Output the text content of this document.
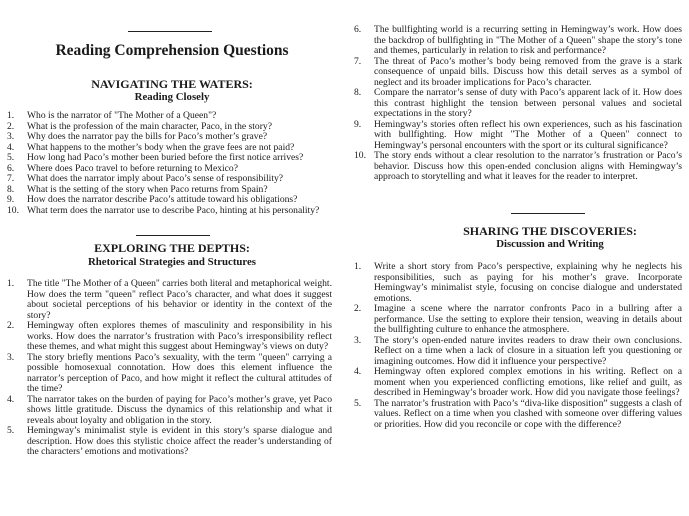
Reading Comprehension Questions
NAVIGATING THE WATERS:
Reading Closely
1.	Who is the narrator of "The Mother of a Queen"?
2.	What is the profession of the main character, Paco, in the story?
3.	Why does the narrator pay the bills for Paco’s mother’s grave?
4.	What happens to the mother’s body when the grave fees are not paid?
5.	How long had Paco’s mother been buried before the first notice arrives?
6.	Where does Paco travel to before returning to Mexico?
7.	What does the narrator imply about Paco’s sense of responsibility?
8.	What is the setting of the story when Paco returns from Spain?
9.	How does the narrator describe Paco’s attitude toward his obligations?
10. What term does the narrator use to describe Paco, hinting at his personality?
EXPLORING THE DEPTHS:
Rhetorical Strategies and Structures
1.	The title "The Mother of a Queen" carries both literal and metaphorical weight. How does the term "queen" reflect Paco’s character, and what does it suggest about societal perceptions of his behavior or identity in the context of the story?
2.	Hemingway often explores themes of masculinity and responsibility in his works. How does the narrator’s frustration with Paco’s irresponsibility reflect these themes, and what might this suggest about Hemingway’s views on duty?
3.	The story briefly mentions Paco’s sexuality, with the term "queen" carrying a possible homosexual connotation. How does this element influence the narrator’s perception of Paco, and how might it reflect the cultural attitudes of the time?
4.	The narrator takes on the burden of paying for Paco’s mother’s grave, yet Paco shows little gratitude. Discuss the dynamics of this relationship and what it reveals about loyalty and obligation in the story.
5.	Hemingway’s minimalist style is evident in this story’s sparse dialogue and description. How does this stylistic choice affect the reader’s understanding of the characters’ emotions and motivations?
6.	The bullfighting world is a recurring setting in Hemingway’s work. How does the backdrop of bullfighting in "The Mother of a Queen" shape the story’s tone and themes, particularly in relation to risk and performance?
7.	The threat of Paco’s mother’s body being removed from the grave is a stark consequence of unpaid bills. Discuss how this detail serves as a symbol of neglect and its broader implications for Paco’s character.
8.	Compare the narrator’s sense of duty with Paco’s apparent lack of it. How does this contrast highlight the tension between personal values and societal expectations in the story?
9.	Hemingway’s stories often reflect his own experiences, such as his fascination with bullfighting. How might "The Mother of a Queen" connect to Hemingway’s personal encounters with the sport or its cultural significance?
10. The story ends without a clear resolution to the narrator’s frustration or Paco’s behavior. Discuss how this open-ended conclusion aligns with Hemingway’s approach to storytelling and what it leaves for the reader to interpret.
SHARING THE DISCOVERIES:
Discussion and Writing
1.	Write a short story from Paco’s perspective, explaining why he neglects his responsibilities, such as paying for his mother’s grave. Incorporate Hemingway’s minimalist style, focusing on concise dialogue and understated emotions.
2.	Imagine a scene where the narrator confronts Paco in a bullring after a performance. Use the setting to explore their tension, weaving in details about the bullfighting culture to enhance the atmosphere.
3.	The story’s open-ended nature invites readers to draw their own conclusions. Reflect on a time when a lack of closure in a situation left you questioning or imagining outcomes. How did it influence your perspective?
4.	Hemingway often explored complex emotions in his writing. Reflect on a moment when you experienced conflicting emotions, like relief and guilt, as described in Hemingway’s broader work. How did you navigate those feelings?
5.	The narrator’s frustration with Paco’s “diva-like disposition” suggests a clash of values. Reflect on a time when you clashed with someone over differing values or priorities. How did you reconcile or cope with the difference?
